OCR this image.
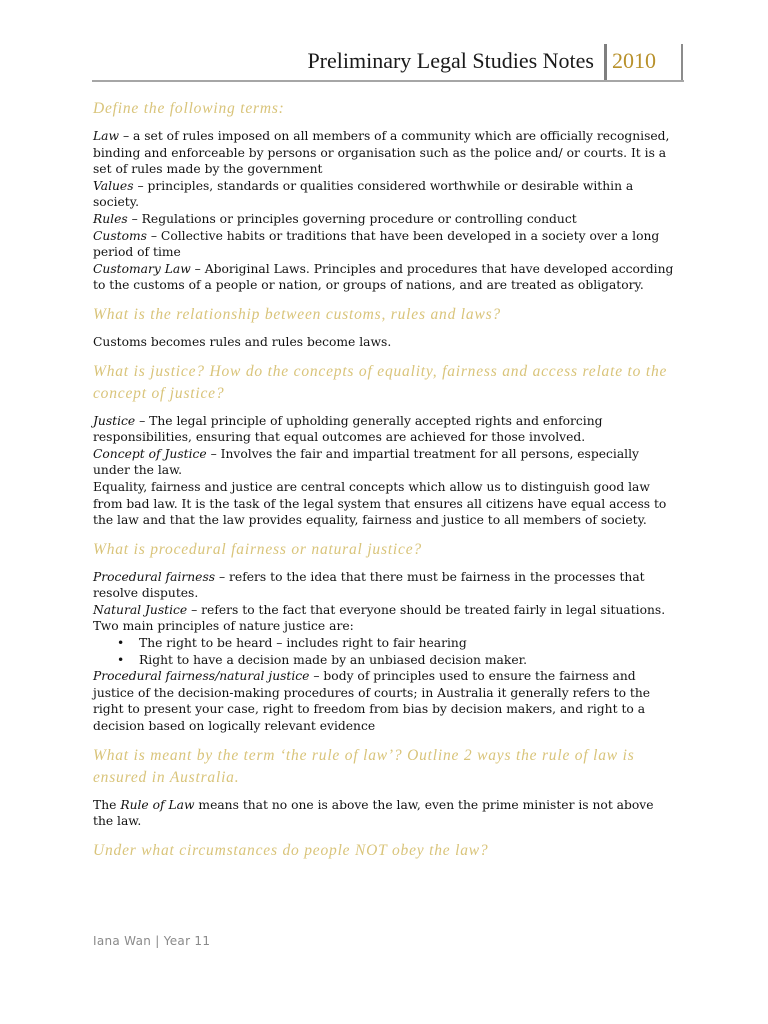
Preliminary Legal Studies Notes 2010

Define the following terms:

Law – a set of rules imposed on all members of a community which are officially recognised, binding and enforceable by persons or organisation such as the police and/ or courts. It is a set of rules made by the government

Values – principles, standards or qualities considered worthwhile or desirable within a society.

Rules – Regulations or principles governing procedure or controlling conduct

Customs – Collective habits or traditions that have been developed in a society over a long period of time

Customary Law – Aboriginal Laws. Principles and procedures that have developed according to the customs of a people or nation, or groups of nations, and are treated as obligatory.

What is the relationship between customs, rules and laws?

Customs becomes rules and rules become laws.

What is justice? How do the concepts of equality, fairness and access relate to the concept of justice?

Justice – The legal principle of upholding generally accepted rights and enforcing responsibilities, ensuring that equal outcomes are achieved for those involved.

Concept of Justice – Involves the fair and impartial treatment for all persons, especially under the law.

Equality, fairness and justice are central concepts which allow us to distinguish good law from bad law. It is the task of the legal system that ensures all citizens have equal access to the law and that the law provides equality, fairness and justice to all members of society.

What is procedural fairness or natural justice?

Procedural fairness – refers to the idea that there must be fairness in the processes that resolve disputes.

Natural Justice – refers to the fact that everyone should be treated fairly in legal situations.

Two main principles of nature justice are:

• The right to be heard – includes right to fair hearing
• Right to have a decision made by an unbiased decision maker.

Procedural fairness/natural justice – body of principles used to ensure the fairness and justice of the decision-making procedures of courts; in Australia it generally refers to the right to present your case, right to freedom from bias by decision makers, and right to a decision based on logically relevant evidence

What is meant by the term ‘the rule of law’? Outline 2 ways the rule of law is ensured in Australia.

The Rule of Law means that no one is above the law, even the prime minister is not above the law.

Under what circumstances do people NOT obey the law?

Iana Wan | Year 11
